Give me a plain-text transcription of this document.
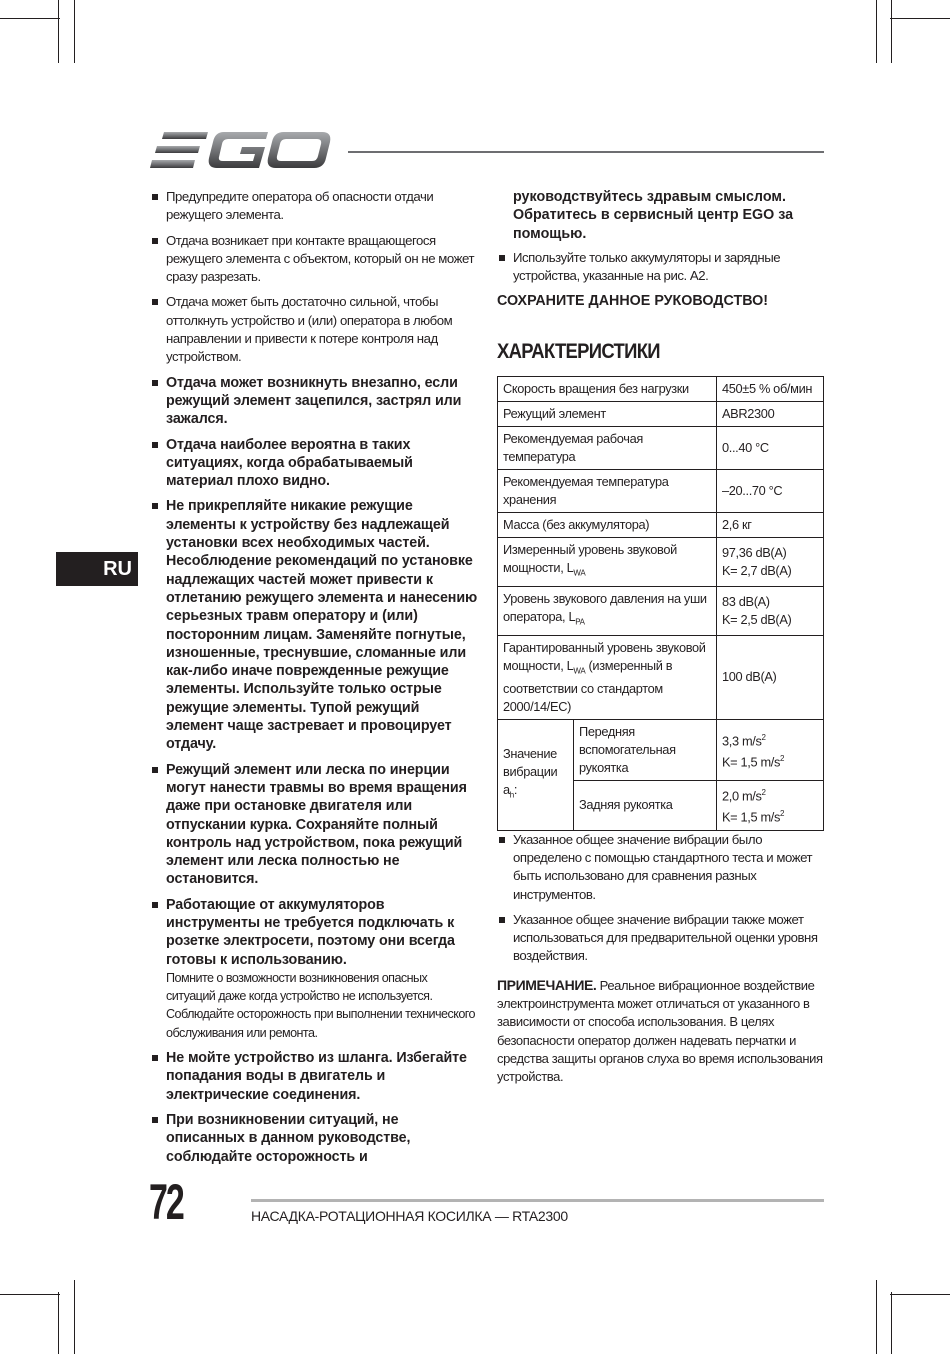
RU
Предупредите оператора об опасности отдачи режущего элемента.
Отдача возникает при контакте вращающегося режущего элемента с объектом, который он не может сразу разрезать.
Отдача может быть достаточно сильной, чтобы оттолкнуть устройство и (или) оператора в любом направлении и привести к потере контроля над устройством.
Отдача может возникнуть внезапно, если режущий элемент зацепился, застрял или зажался.
Отдача наиболее вероятна в таких ситуациях, когда обрабатываемый материал плохо видно.
Не прикрепляйте никакие режущие элементы к устройству без надлежащей установки всех необходимых частей. Несоблюдение рекомендаций по установке надлежащих частей может привести к отлетанию режущего элемента и нанесению серьезных травм оператору и (или) посторонним лицам. Заменяйте погнутые, изношенные, треснувшие, сломанные или как-либо иначе поврежденные режущие элементы. Используйте только острые режущие элементы. Тупой режущий элемент чаще застревает и провоцирует отдачу.
Режущий элемент или леска по инерции могут нанести травмы во время вращения даже при остановке двигателя или отпускании курка. Сохраняйте полный контроль над устройством, пока режущий элемент или леска полностью не остановится.
Работающие от аккумуляторов инструменты не требуется подключать к розетке электросети, поэтому они всегда готовы к использованию.
Помните о возможности возникновения опасных ситуаций даже когда устройство не используется. Соблюдайте осторожность при выполнении технического обслуживания или ремонта.
Не мойте устройство из шланга. Избегайте попадания воды в двигатель и электрические соединения.
При возникновении ситуаций, не описанных в данном руководстве, соблюдайте осторожность и
руководствуйтесь здравым смыслом. Обратитесь в сервисный центр EGO за помощью.
Используйте только аккумуляторы и зарядные устройства, указанные на рис. A2.
СОХРАНИТЕ ДАННОЕ РУКОВОДСТВО!
ХАРАКТЕРИСТИКИ
Скорость вращения без нагрузки		450±5 % об/мин
Режущий элемент		ABR2300
Рекомендуемая рабочая температура		0...40 °C
Рекомендуемая температура хранения		–20...70 °C
Масса (без аккумулятора)		2,6 кг
Измеренный уровень звуковой мощности, $L_{WA}$		97,36 dB(A)
K= 2,7 dB(A)

Уровень звукового давления на уши оператора, $L_{PA}$		83 dB(A)
K= 2,5 dB(A)

Гарантированный уровень звуковой мощности, $L_{WA}$ (измеренный в соответствии со стандартом 2000/14/EC)		100 dB(A)
Значение вибрации $a_h$:	Передняя вспомогательная рукоятка	3,3 $m/s^2$
K= 1,5 $m/s^2$

	Задняя рукоятка	2,0 $m/s^2$
K= 1,5 $m/s^2$
Указанное общее значение вибрации было определено с помощью стандартного теста и может быть использовано для сравнения разных инструментов.
Указанное общее значение вибрации также может использоваться для предварительной оценки уровня воздействия.
ПРИМЕЧАНИЕ. Реальное вибрационное воздействие электроинструмента может отличаться от указанного в зависимости от способа использования. В целях безопасности оператор должен надевать перчатки и средства защиты органов слуха во время использования устройства.
72	НАСАДКА-РОТАЦИОННАЯ КОСИЛКА — RTA2300
